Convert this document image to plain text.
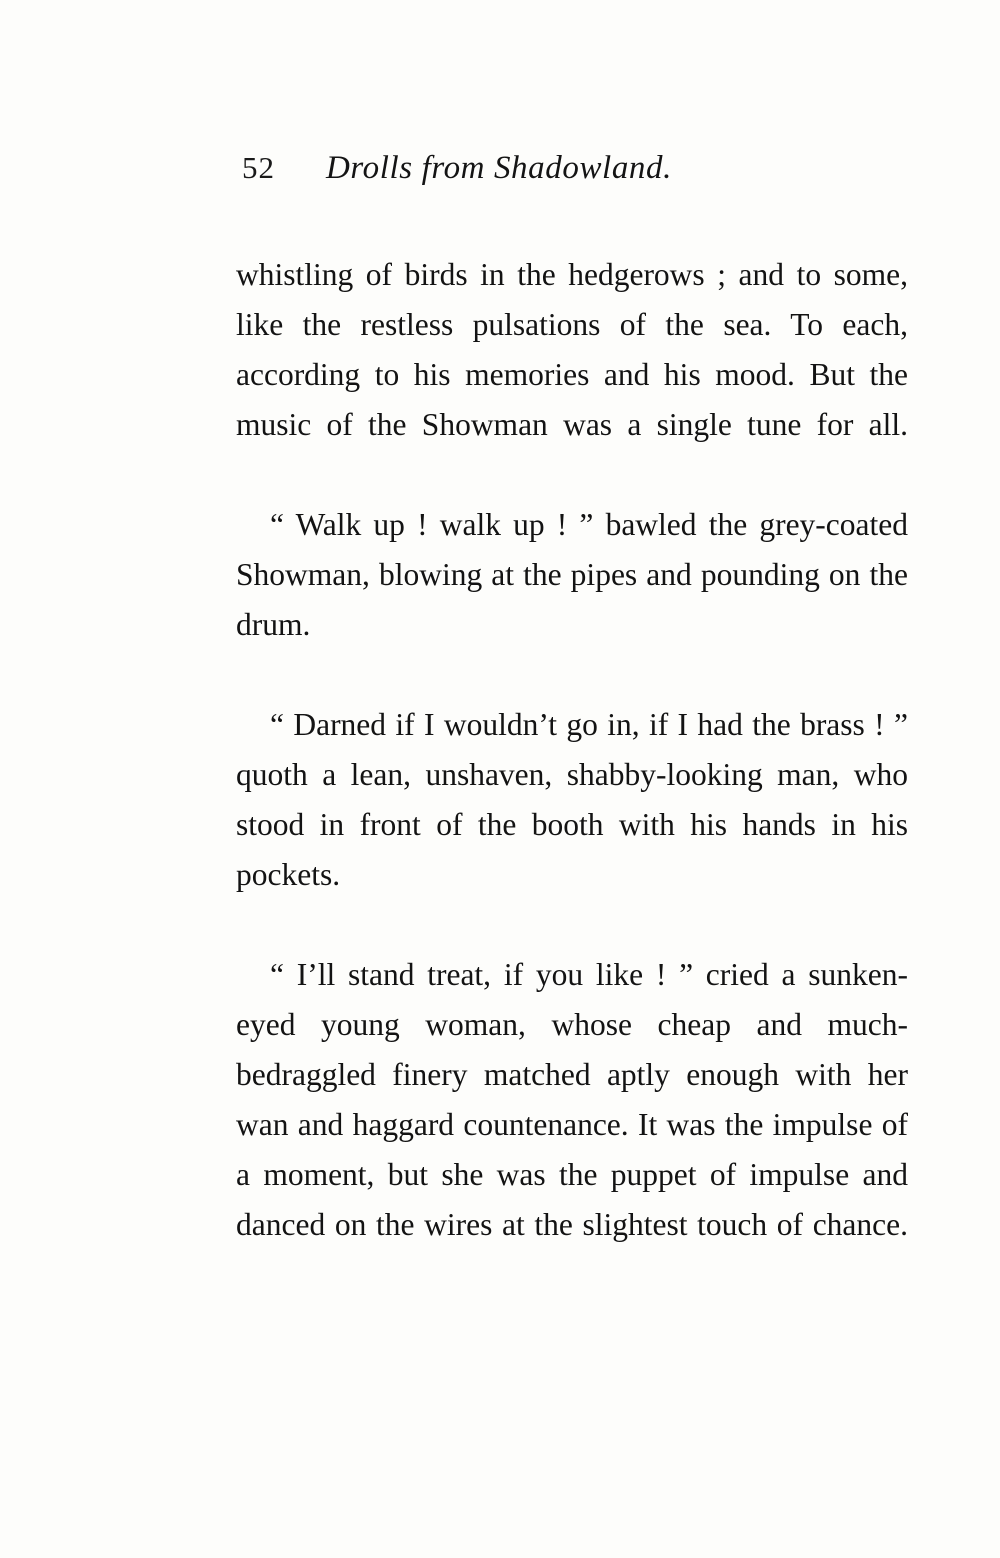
52	Drolls from Shadowland.

whistling of birds in the hedgerows ; and to some, like the restless pulsations of the sea. To each, according to his memories and his mood. But the music of the Showman was a single tune for all.

“ Walk up ! walk up ! ” bawled the grey-coated Showman, blowing at the pipes and pounding on the drum.

“ Darned if I wouldn’t go in, if I had the brass ! ” quoth a lean, unshaven, shabby-looking man, who stood in front of the booth with his hands in his pockets.

“ I’ll stand treat, if you like ! ” cried a sunken-eyed young woman, whose cheap and much-bedraggled finery matched aptly enough with her wan and haggard countenance. It was the impulse of a moment, but she was the puppet of impulse and danced on the wires at the slightest touch of chance.
